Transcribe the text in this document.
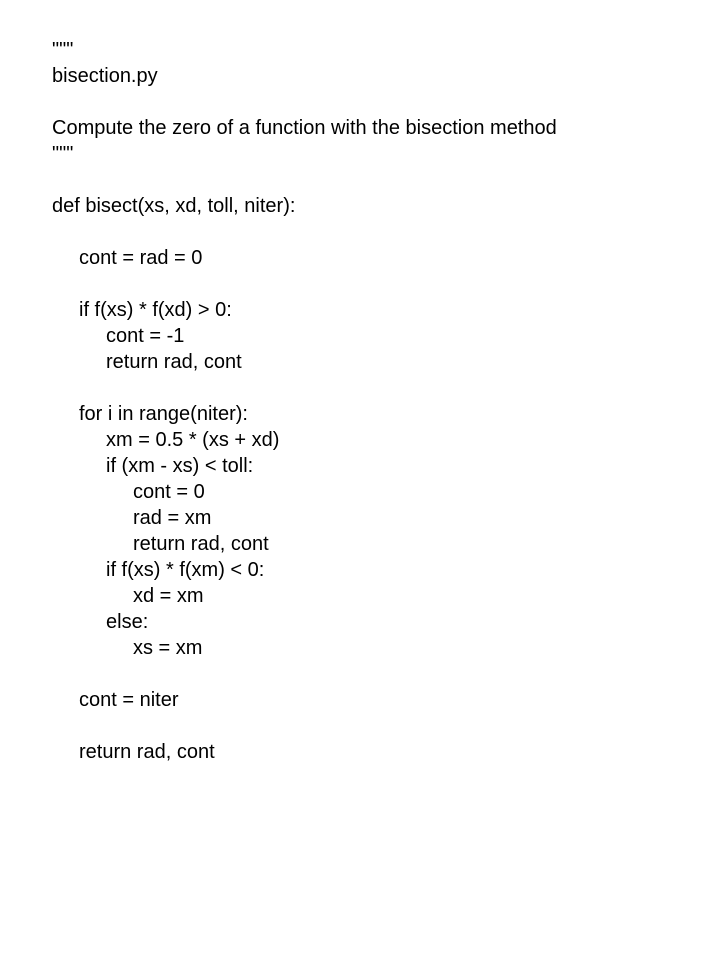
"""
bisection.py
Compute the zero of a function with the bisection method
"""
def bisect(xs, xd, toll, niter):
cont = rad = 0
if f(xs) * f(xd) > 0:
cont = -1
return rad, cont
for i in range(niter):
xm = 0.5 * (xs + xd)
if (xm - xs) < toll:
cont = 0
rad = xm
return rad, cont
if f(xs) * f(xm) < 0:
xd = xm
else:
xs = xm
cont = niter
return rad, cont
